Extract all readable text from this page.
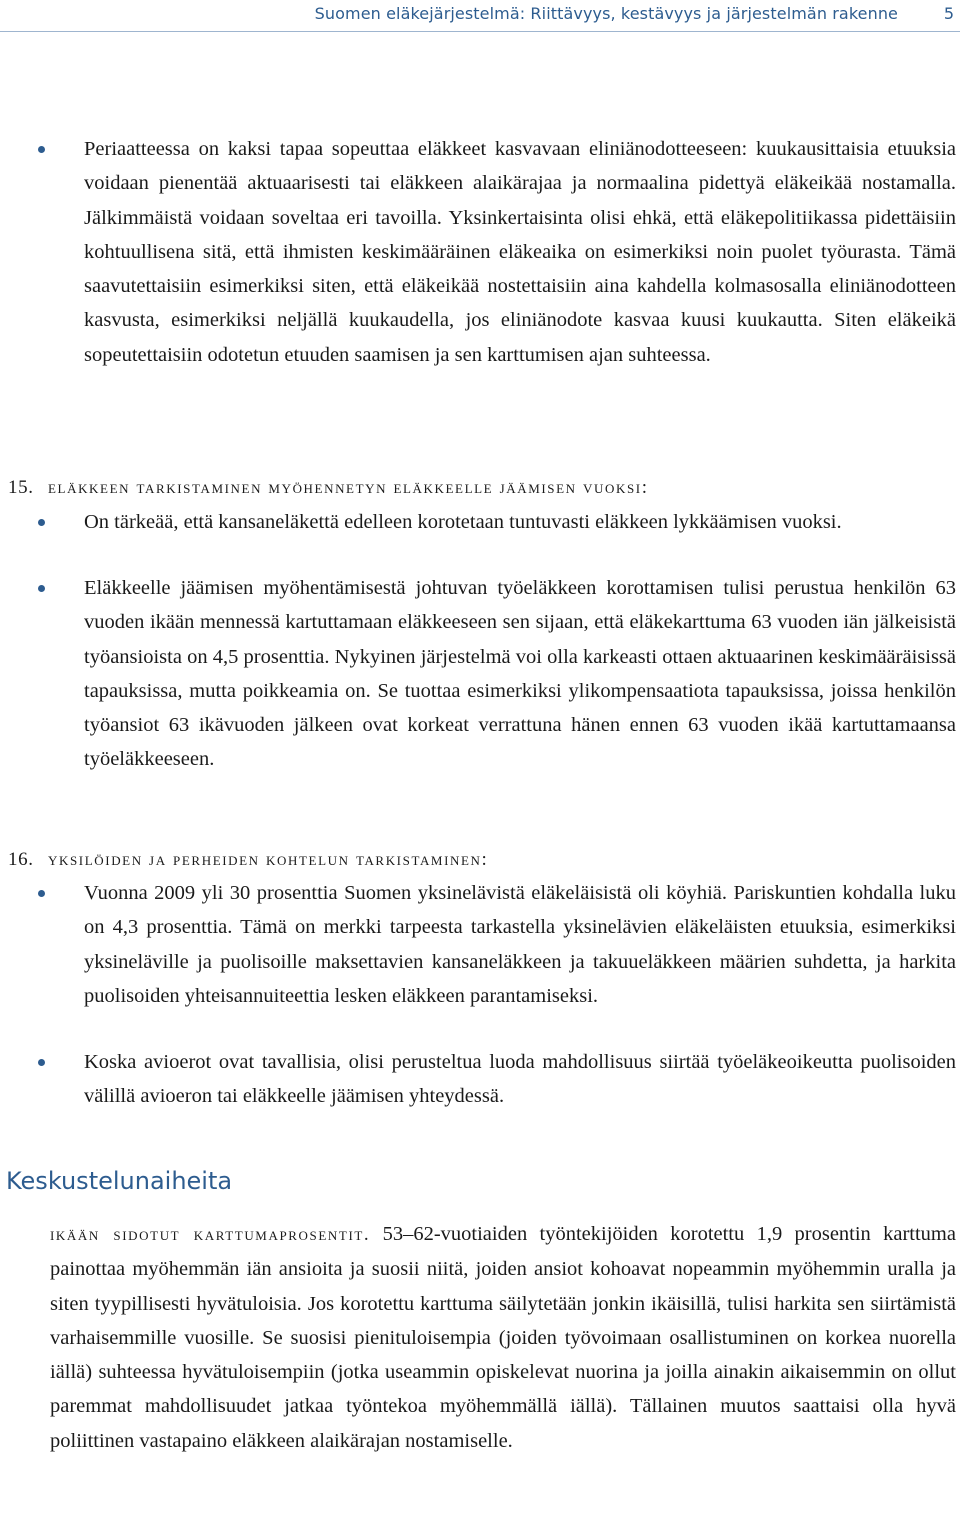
Suomen eläkejärjestelmä: Riittävyys, kestävyys ja järjestelmän rakenne	5
Periaatteessa on kaksi tapaa sopeuttaa eläkkeet kasvavaan eliniänodotteeseen: kuukausittaisia etuuksia voidaan pienentää aktuaarisesti tai eläkkeen alaikärajaa ja normaalina pidettyä eläkeikää nostamalla. Jälkimmäistä voidaan soveltaa eri tavoilla. Yksinkertaisinta olisi ehkä, että eläkepolitiikassa pidettäisiin kohtuullisena sitä, että ihmisten keskimääräinen eläkeaika on esimerkiksi noin puolet työurasta. Tämä saavutettaisiin esimerkiksi siten, että eläkeikää nostettaisiin aina kahdella kolmasosalla eliniänodotteen kasvusta, esimerkiksi neljällä kuukaudella, jos eliniänodote kasvaa kuusi kuukautta. Siten eläkeikä sopeutettaisiin odotetun etuuden saamisen ja sen karttumisen ajan suhteessa.
15. eläkkeen tarkistaminen myöhennetyn eläkkeelle jäämisen vuoksi:
On tärkeää, että kansaneläkettä edelleen korotetaan tuntuvasti eläkkeen lykkäämisen vuoksi.
Eläkkeelle jäämisen myöhentämisestä johtuvan työeläkkeen korottamisen tulisi perustua henkilön 63 vuoden ikään mennessä kartuttamaan eläkkeeseen sen sijaan, että eläkekarttuma 63 vuoden iän jälkeisistä työansioista on 4,5 prosenttia. Nykyinen järjestelmä voi olla karkeasti ottaen aktuaarinen keskimääräisissä tapauksissa, mutta poikkeamia on. Se tuottaa esimerkiksi ylikompensaatiota tapauksissa, joissa henkilön työansiot 63 ikävuoden jälkeen ovat korkeat verrattuna hänen ennen 63 vuoden ikää kartuttamaansa työeläkkeeseen.
16. yksilöiden ja perheiden kohtelun tarkistaminen:
Vuonna 2009 yli 30 prosenttia Suomen yksinelävistä eläkeläisistä oli köyhiä. Pariskuntien kohdalla luku on 4,3 prosenttia. Tämä on merkki tarpeesta tarkastella yksinelävien eläkeläisten etuuksia, esimerkiksi yksineläville ja puolisoille maksettavien kansaneläkkeen ja takuueläkkeen määrien suhdetta, ja harkita puolisoiden yhteisannuiteettia lesken eläkkeen parantamiseksi.
Koska avioerot ovat tavallisia, olisi perusteltua luoda mahdollisuus siirtää työeläkeoikeutta puolisoiden välillä avioeron tai eläkkeelle jäämisen yhteydessä.
Keskustelunaiheita
ikään sidotut karttumaprosentit. 53–62-vuotiaiden työntekijöiden korotettu 1,9 prosentin karttuma painottaa myöhemmän iän ansioita ja suosii niitä, joiden ansiot kohoavat nopeammin myöhemmin uralla ja siten tyypillisesti hyvätuloisia. Jos korotettu karttuma säilytetään jonkin ikäisillä, tulisi harkita sen siirtämistä varhaisemmille vuosille. Se suosisi pienituloisempia (joiden työvoimaan osallistuminen on korkea nuorella iällä) suhteessa hyvätuloisempiin (jotka useammin opiskelevat nuorina ja joilla ainakin aikaisemmin on ollut paremmat mahdollisuudet jatkaa työntekoa myöhemmällä iällä). Tällainen muutos saattaisi olla hyvä poliittinen vastapaino eläkkeen alaikärajan nostamiselle.
